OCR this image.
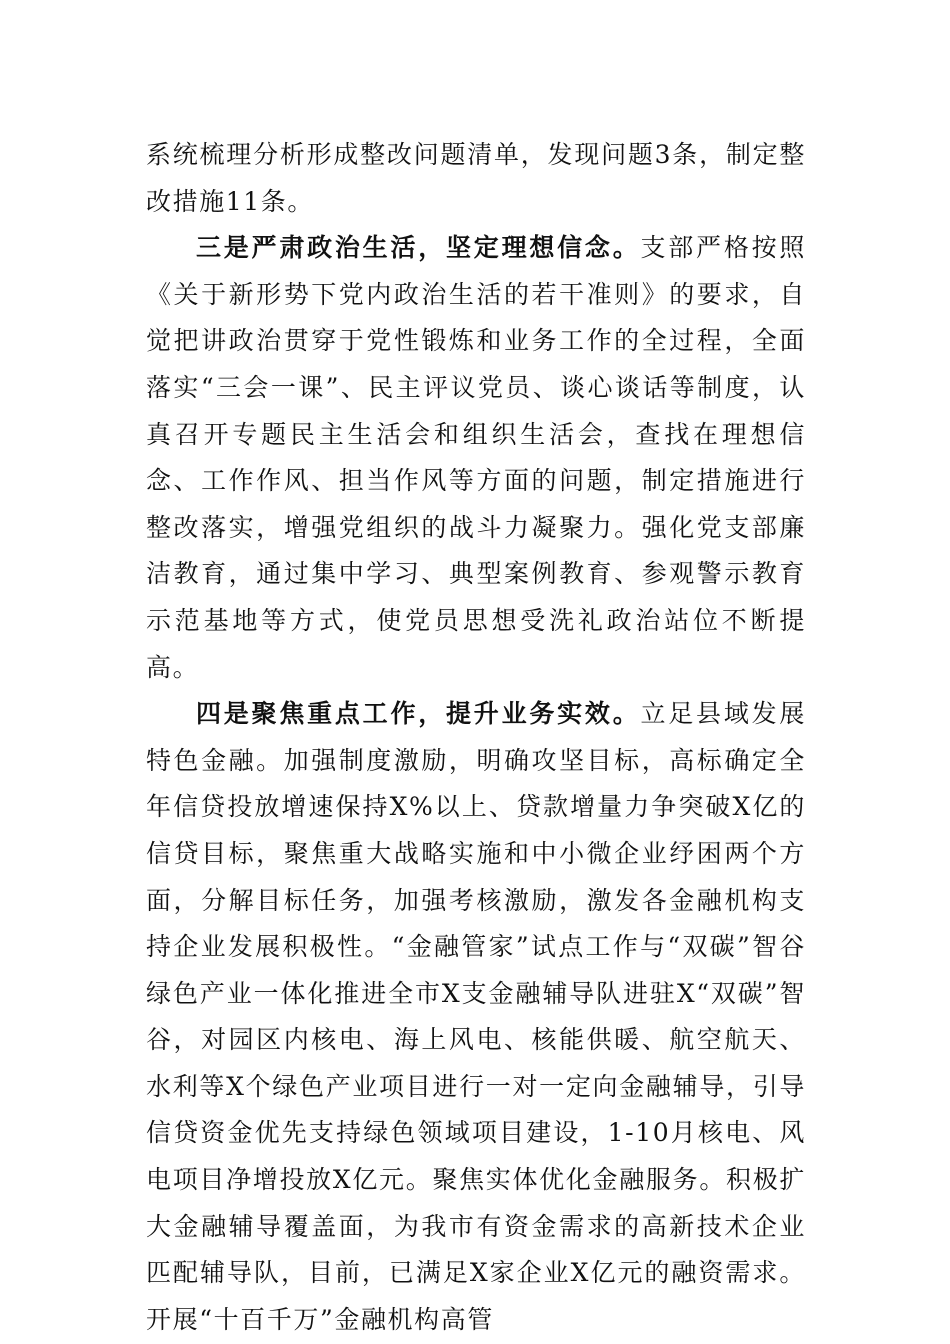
系统梳理分析形成整改问题清单，发现问题3条，制定整改措施11条。

三是严肃政治生活，坚定理想信念。支部严格按照《关于新形势下党内政治生活的若干准则》的要求，自觉把讲政治贯穿于党性锻炼和业务工作的全过程，全面落实“三会一课”、民主评议党员、谈心谈话等制度，认真召开专题民主生活会和组织生活会，查找在理想信念、工作作风、担当作风等方面的问题，制定措施进行整改落实，增强党组织的战斗力凝聚力。强化党支部廉洁教育，通过集中学习、典型案例教育、参观警示教育示范基地等方式，使党员思想受洗礼政治站位不断提高。

四是聚焦重点工作，提升业务实效。立足县域发展特色金融。加强制度激励，明确攻坚目标，高标确定全年信贷投放增速保持X%以上、贷款增量力争突破X亿的信贷目标，聚焦重大战略实施和中小微企业纾困两个方面，分解目标任务，加强考核激励，激发各金融机构支持企业发展积极性。“金融管家”试点工作与“双碳”智谷绿色产业一体化推进全市X支金融辅导队进驻X“双碳”智谷，对园区内核电、海上风电、核能供暖、航空航天、水利等X个绿色产业项目进行一对一定向金融辅导，引导信贷资金优先支持绿色领域项目建设，1-10月核电、风电项目净增投放X亿元。聚焦实体优化金融服务。积极扩大金融辅导覆盖面，为我市有资金需求的高新技术企业匹配辅导队，目前，已满足X家企业X亿元的融资需求。开展“十百千万”金融机构高管
